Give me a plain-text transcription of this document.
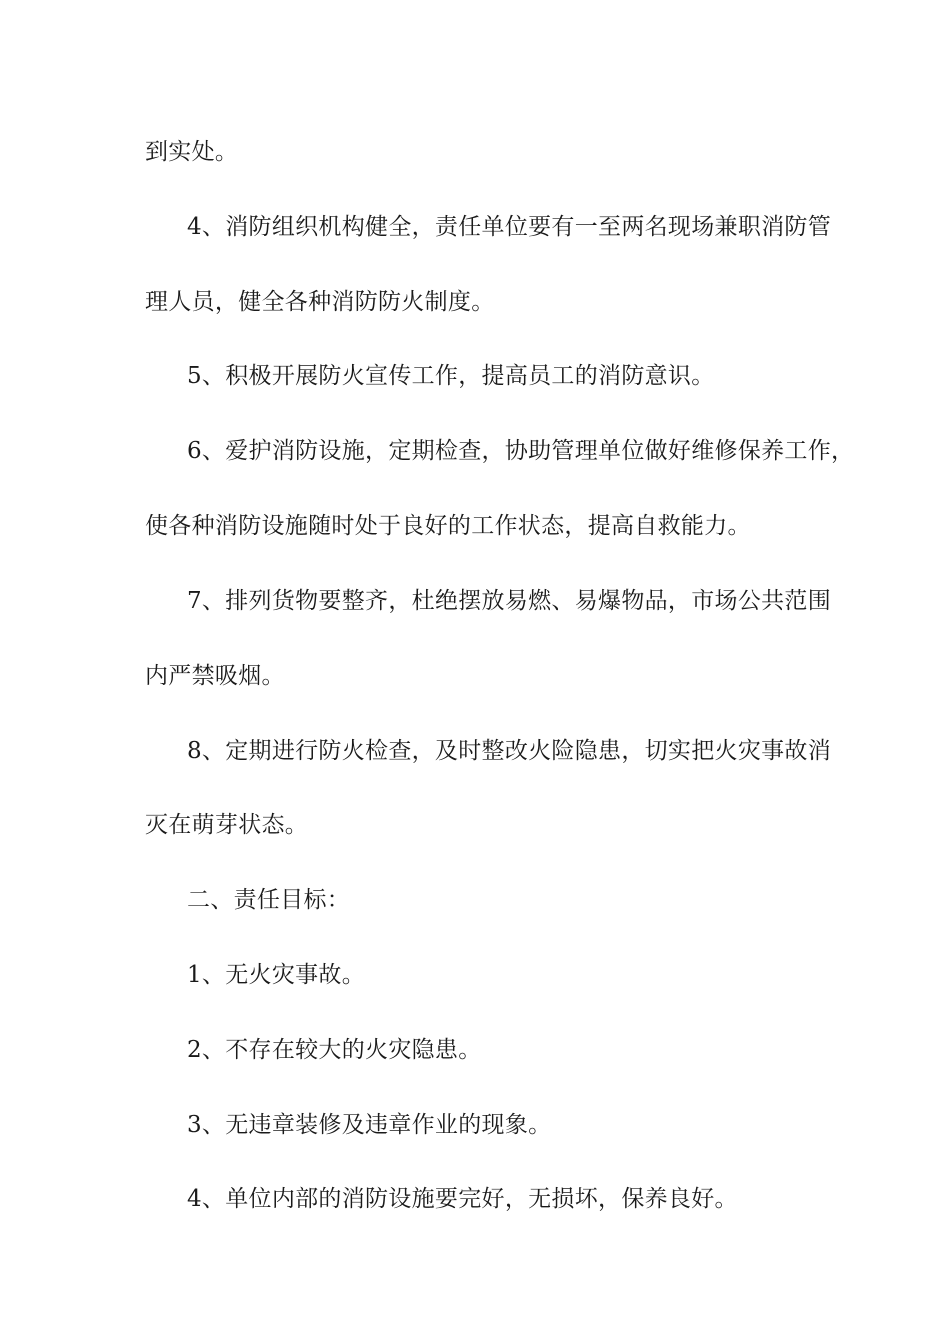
到实处。
4、消防组织机构健全，责任单位要有一至两名现场兼职消防管
理人员，健全各种消防防火制度。
5、积极开展防火宣传工作，提高员工的消防意识。
6、爱护消防设施，定期检查，协助管理单位做好维修保养工作，
使各种消防设施随时处于良好的工作状态，提高自救能力。
7、排列货物要整齐，杜绝摆放易燃、易爆物品，市场公共范围
内严禁吸烟。
8、定期进行防火检查，及时整改火险隐患，切实把火灾事故消
灭在萌芽状态。
二、责任目标：
1、无火灾事故。
2、不存在较大的火灾隐患。
3、无违章装修及违章作业的现象。
4、单位内部的消防设施要完好，无损坏，保养良好。
